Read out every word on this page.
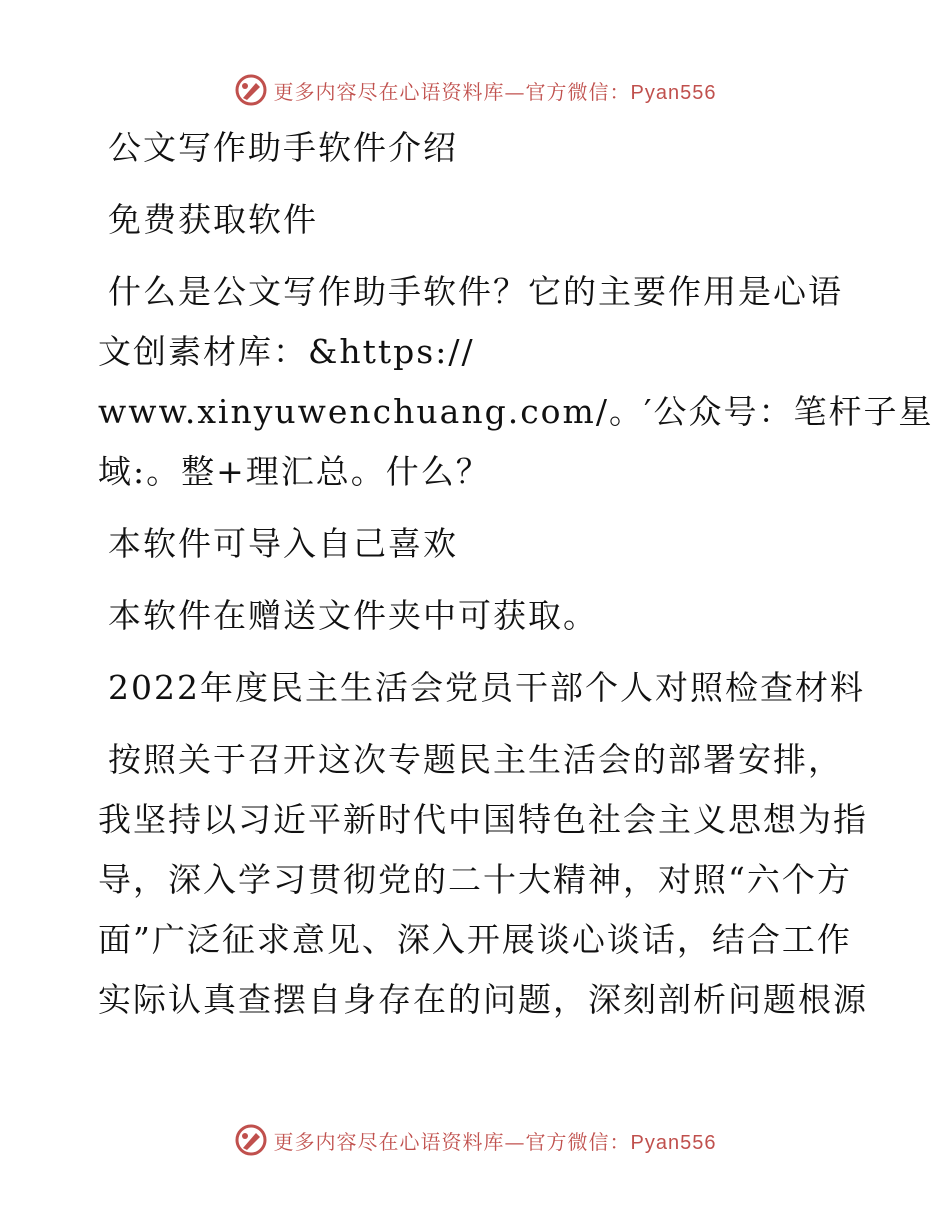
更多内容尽在心语资料库—官方微信：Pyan556
公文写作助手软件介绍
免费获取软件
什么是公文写作助手软件？它的主要作用是心语
文创素材库：&https://
www.xinyuwenchuang.com/。′公众号：笔杆子星
域:。整+理汇总。什么？
本软件可导入自己喜欢
本软件在赠送文件夹中可获取。
2022年度民主生活会党员干部个人对照检查材料
按照关于召开这次专题民主生活会的部署安排，
我坚持以习近平新时代中国特色社会主义思想为指
导，深入学习贯彻党的二十大精神，对照“六个方
面”广泛征求意见、深入开展谈心谈话，结合工作
实际认真查摆自身存在的问题，深刻剖析问题根源
更多内容尽在心语资料库—官方微信：Pyan556
